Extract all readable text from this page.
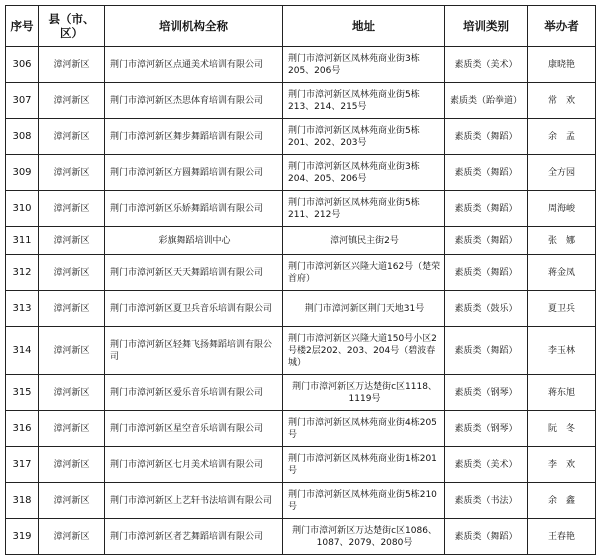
序号	县（市、区）	培训机构全称	地址	培训类别	举办者
306	漳河新区	荆门市漳河新区点通美术培训有限公司	荆门市漳河新区凤林苑商业街3栋205、206号	素质类（美术）	康晓艳
307	漳河新区	荆门市漳河新区杰思体育培训有限公司	荆门市漳河新区凤林苑商业街5栋213、214、215号	素质类（跆拳道）	常　欢
308	漳河新区	荆门市漳河新区舞步舞蹈培训有限公司	荆门市漳河新区凤林苑商业街5栋201、202、203号	素质类（舞蹈）	余　孟
309	漳河新区	荆门市漳河新区方圆舞蹈培训有限公司	荆门市漳河新区凤林苑商业街3栋204、205、206号	素质类（舞蹈）	全方园
310	漳河新区	荆门市漳河新区乐娇舞蹈培训有限公司	荆门市漳河新区凤林苑商业街5栋211、212号	素质类（舞蹈）	周海峻
311	漳河新区	彩旗舞蹈培训中心	漳河镇民主街2号	素质类（舞蹈）	张　娜
312	漳河新区	荆门市漳河新区天天舞蹈培训有限公司	荆门市漳河新区兴隆大道162号（楚荣首府）	素质类（舞蹈）	蒋金凤
313	漳河新区	荆门市漳河新区夏卫兵音乐培训有限公司	荆门市漳河新区荆门天地31号	素质类（鼓乐）	夏卫兵
314	漳河新区	荆门市漳河新区轻舞飞扬舞蹈培训有限公司	荆门市漳河新区兴隆大道150号小区2号楼2层202、203、204号（碧波春城）	素质类（舞蹈）	李玉林
315	漳河新区	荆门市漳河新区爱乐音乐培训有限公司	荆门市漳河新区万达楚街c区1118、1119号	素质类（钢琴）	蒋东旭
316	漳河新区	荆门市漳河新区星空音乐培训有限公司	荆门市漳河新区凤林苑商业街4栋205号	素质类（钢琴）	阮　冬
317	漳河新区	荆门市漳河新区七月美术培训有限公司	荆门市漳河新区凤林苑商业街1栋201号	素质类（美术）	李　欢
318	漳河新区	荆门市漳河新区上艺轩书法培训有限公司	荆门市漳河新区凤林苑商业街5栋210号	素质类（书法）	余　鑫
319	漳河新区	荆门市漳河新区者艺舞蹈培训有限公司	荆门市漳河新区万达楚街c区1086、1087、2079、2080号	素质类（舞蹈）	王春艳
